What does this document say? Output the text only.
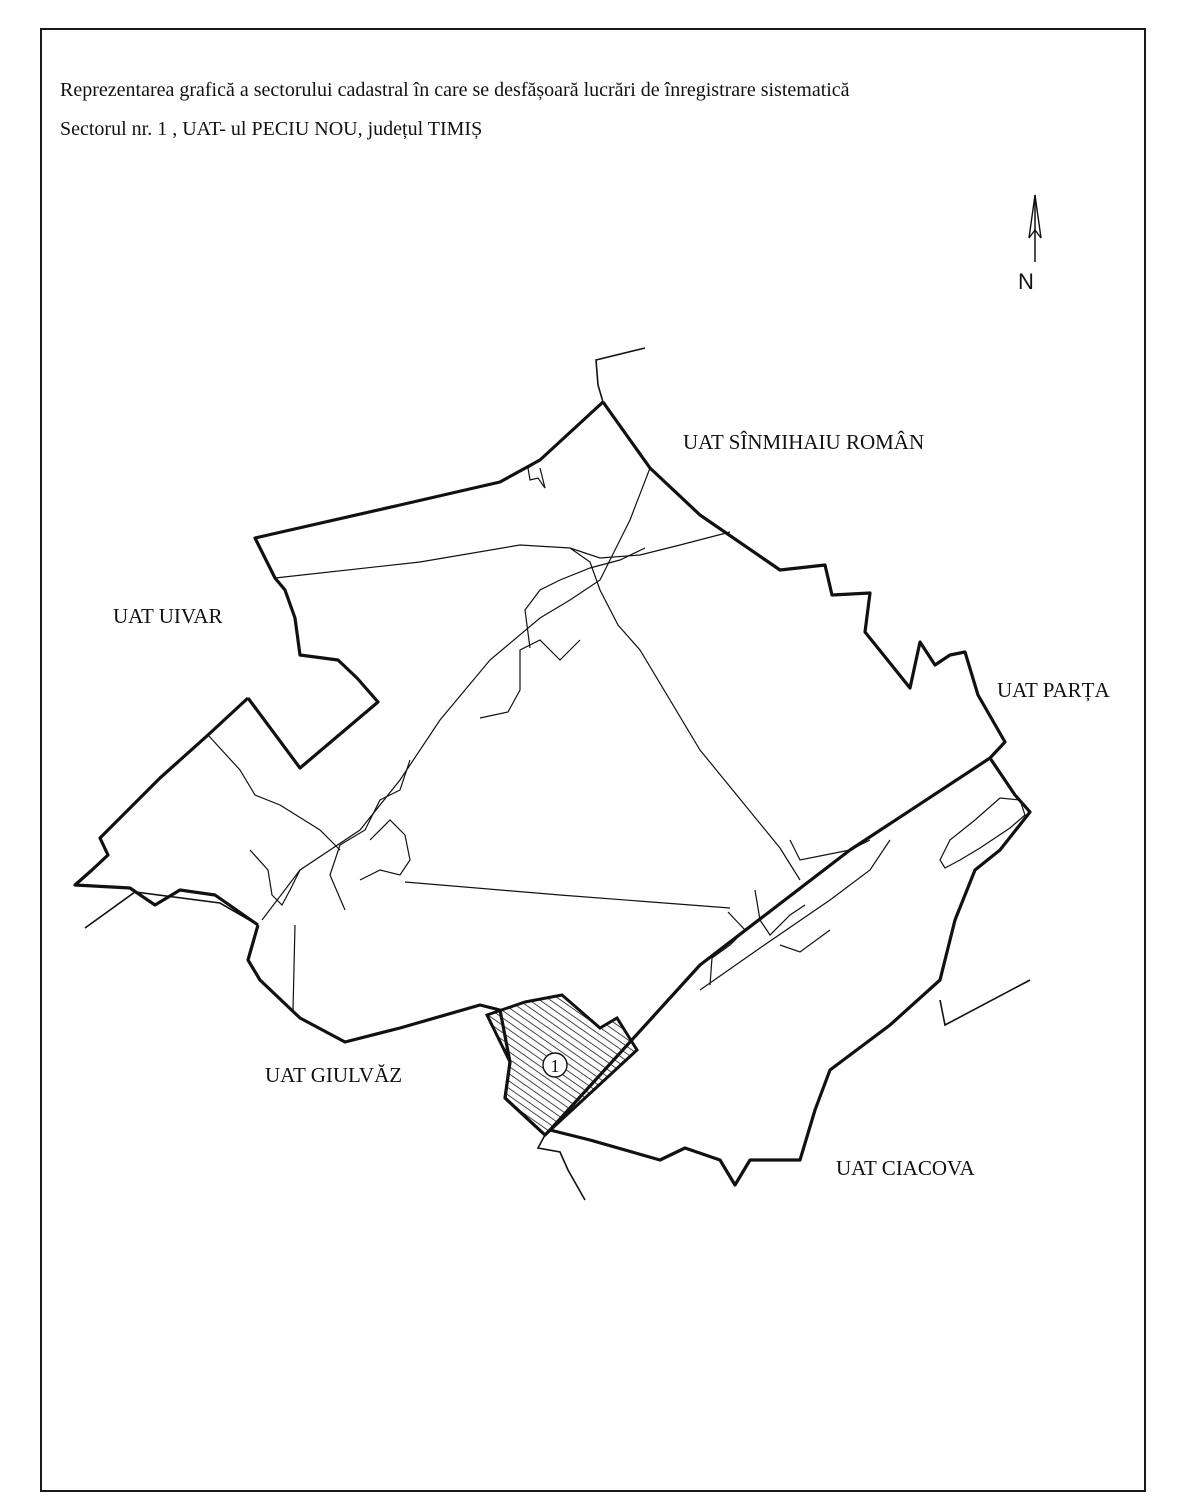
Reprezentarea grafică a sectorului cadastral în care se desfășoară lucrări de înregistrare sistematică
Sectorul nr. 1 , UAT- ul PECIU NOU, județul TIMIȘ
N
1
UAT SÎNMIHAIU ROMÂN
UAT UIVAR
UAT PARȚA
UAT GIULVĂZ
UAT CIACOVA
